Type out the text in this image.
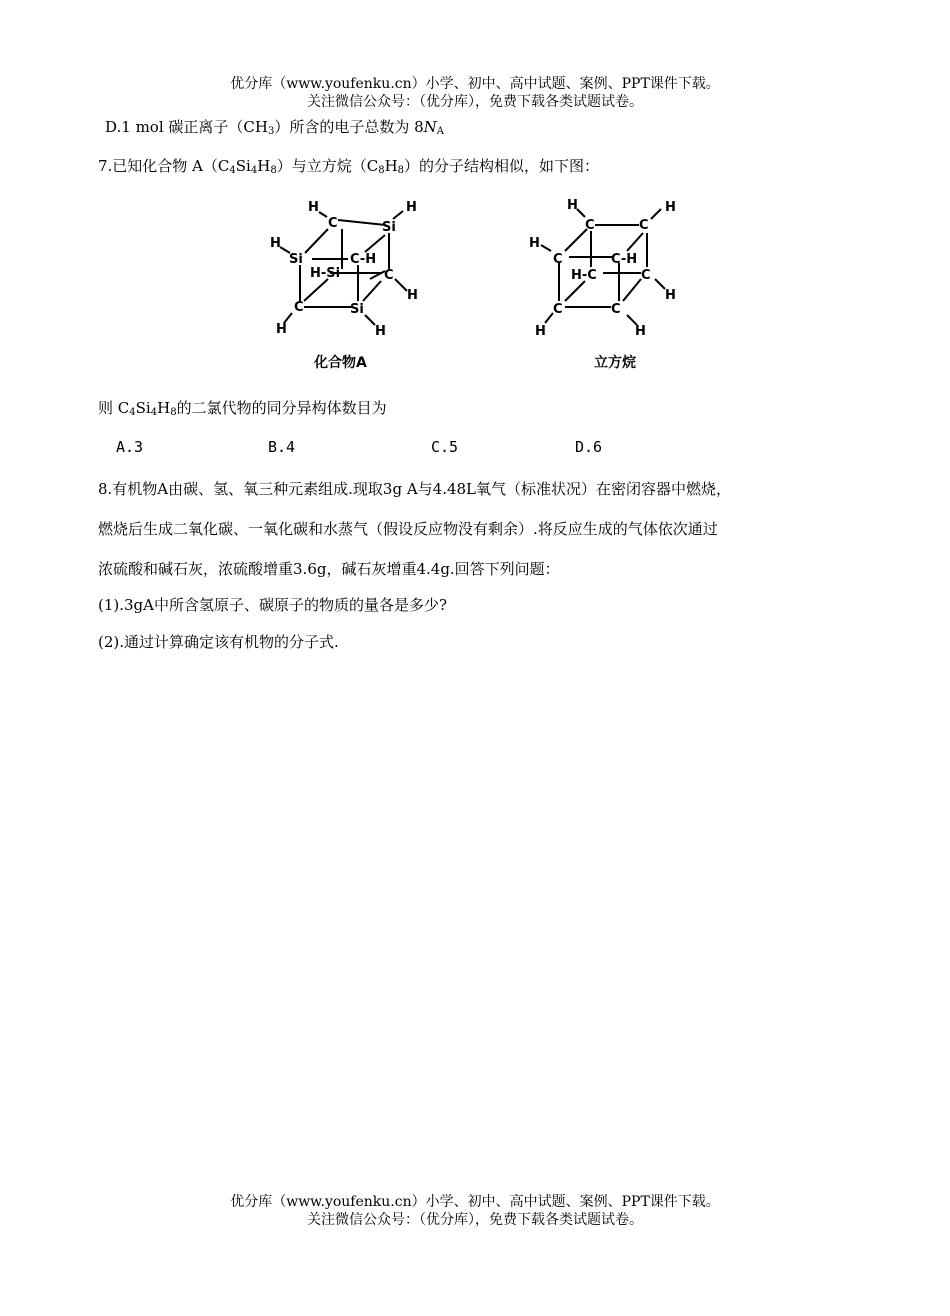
优分库（www.youfenku.cn）小学、初中、高中试题、案例、PPT课件下载。
关注微信公众号：（优分库），免费下载各类试题试卷。
D.1 mol 碳正离子$(CH_3)$所含的电子总数为 $8N_A$
7.已知化合物 $A(C_4Si_4H_8)$与立方烷$(C_8H_8)$的分子结构相似，如下图：
H
C	Si
H
H
Si	C-H
H-Si	C
H
C	Si
H	H
H
C	C
H
H
C	C-H
H-C	C
H
C	C
H	H
化合物A	立方烷
则 $C_4Si_4H_8$的二氯代物的同分异构体数目为
A.3	B.4	C.5	D.6
8.有机物A由碳、氢、氧三种元素组成.现取3g A与4.48L氧气（标准状况）在密闭容器中燃烧，
燃烧后生成二氧化碳、一氧化碳和水蒸气（假设反应物没有剩余）.将反应生成的气体依次通过
浓硫酸和碱石灰，浓硫酸增重3.6g，碱石灰增重4.4g.回答下列问题：
(1).3gA中所含氢原子、碳原子的物质的量各是多少?
(2).通过计算确定该有机物的分子式.
优分库（www.youfenku.cn）小学、初中、高中试题、案例、PPT课件下载。
关注微信公众号：（优分库），免费下载各类试题试卷。
